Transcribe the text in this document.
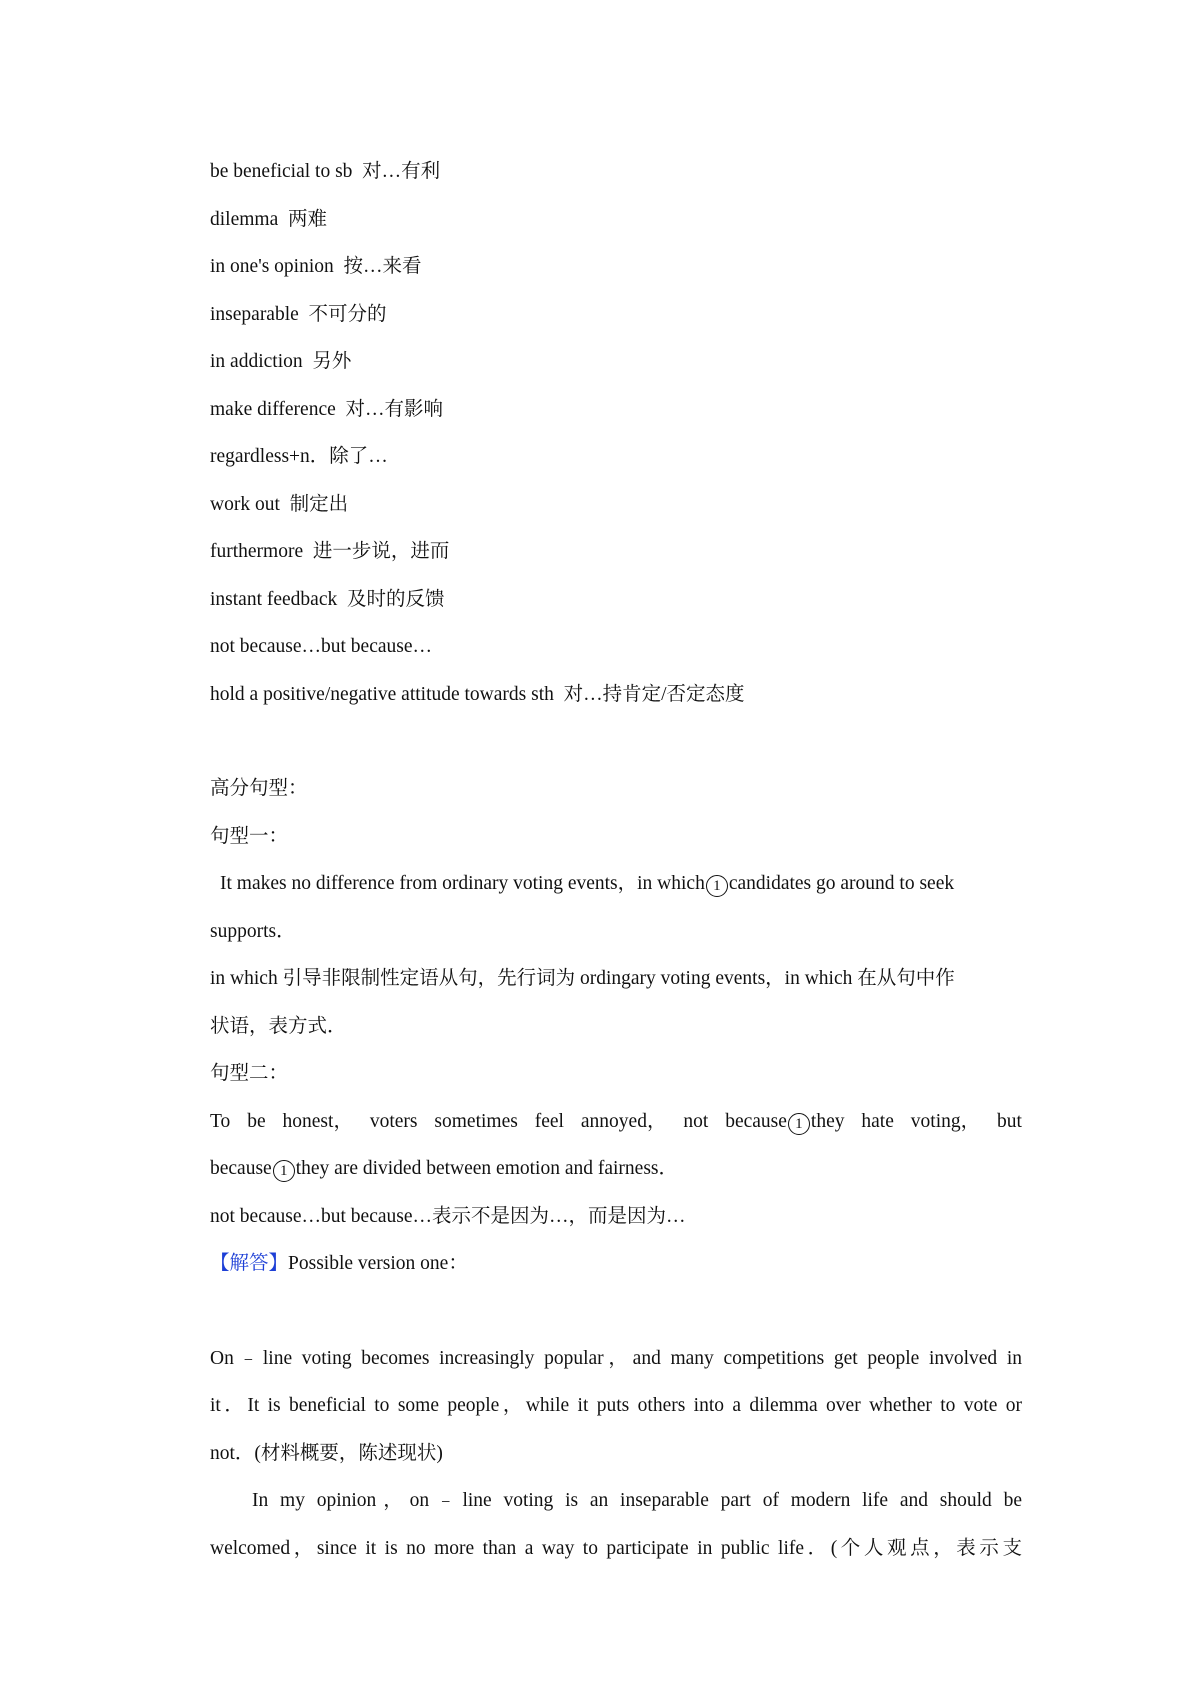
be beneficial to sb 对…有利
dilemma 两难
in one's opinion 按…来看
inseparable 不可分的
in addiction 另外
make difference 对…有影响
regardless+n．除了…
work out 制定出
furthermore 进一步说，进而
instant feedback 及时的反馈
not because…but because…
hold a positive/negative attitude towards sth 对…持肯定/否定态度
高分句型：
句型一：
It makes no difference from ordinary voting events，in which 1 candidates go around to seek
supports．
in which 引导非限制性定语从句，先行词为 ordingary voting events，in which 在从句中作
状语，表方式．
句型二：
To be honest， voters sometimes feel annoyed， not because 1 they hate voting， but
because 1 they are divided between emotion and fairness．
not because…but because…表示不是因为…，而是因为…
【解答】Possible version one：
On﹣line voting becomes increasingly popular，and many competitions get people involved in
it．It is beneficial to some people，while it puts others into a dilemma over whether to vote or
not．(材料概要，陈述现状)
In my opinion，on﹣line voting is an inseparable part of modern life and should be
welcomed，since it is no more than a way to participate in public life．(个人观点，表示支
